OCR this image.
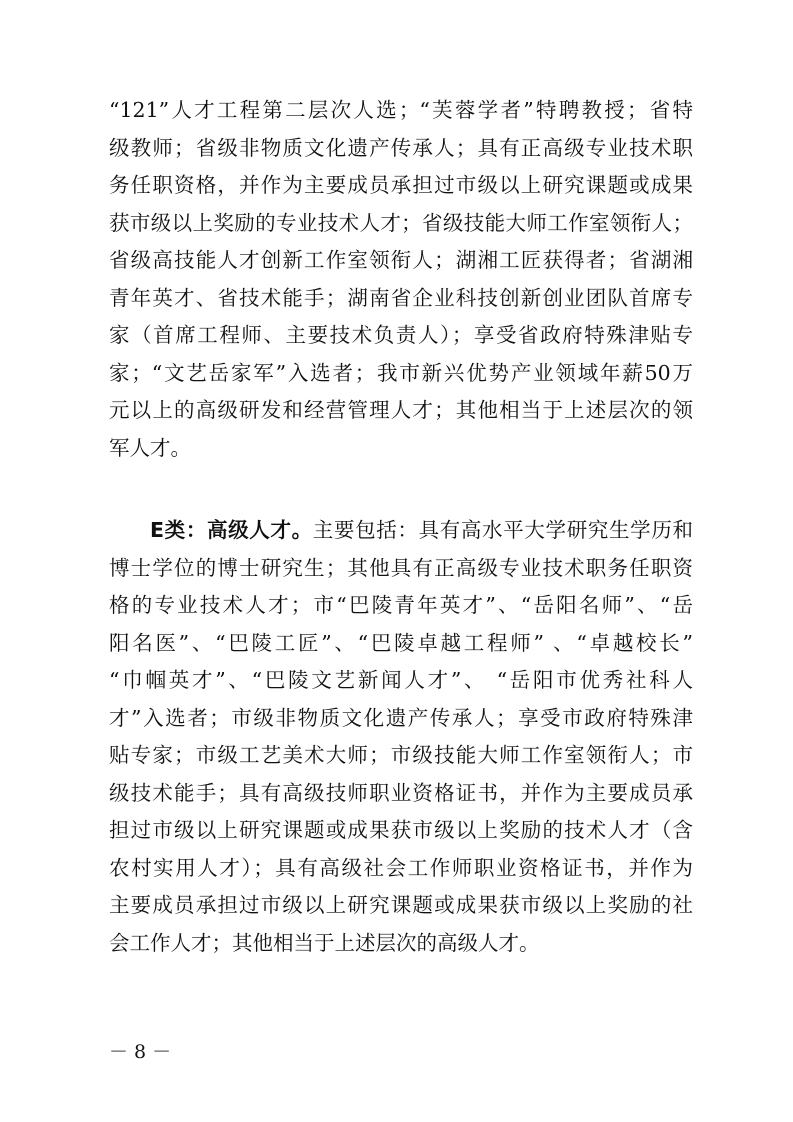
“121”人才工程第二层次人选；“芙蓉学者”特聘教授；省特
级教师；省级非物质文化遗产传承人；具有正高级专业技术职
务任职资格，并作为主要成员承担过市级以上研究课题或成果
获市级以上奖励的专业技术人才；省级技能大师工作室领衔人；
省级高技能人才创新工作室领衔人；湖湘工匠获得者；省湖湘
青年英才、省技术能手；湖南省企业科技创新创业团队首席专
家（首席工程师、主要技术负责人）；享受省政府特殊津贴专
家；“文艺岳家军”入选者；我市新兴优势产业领域年薪50万
元以上的高级研发和经营管理人才；其他相当于上述层次的领
军人才。
E类：高级人才。主要包括：具有高水平大学研究生学历和
博士学位的博士研究生；其他具有正高级专业技术职务任职资
格的专业技术人才；市“巴陵青年英才”、“岳阳名师”、“岳
阳名医”、“巴陵工匠”、“巴陵卓越工程师” 、“卓越校长”
“巾帼英才”、“巴陵文艺新闻人才”、 “岳阳市优秀社科人
才”入选者；市级非物质文化遗产传承人；享受市政府特殊津
贴专家；市级工艺美术大师；市级技能大师工作室领衔人；市
级技术能手；具有高级技师职业资格证书，并作为主要成员承
担过市级以上研究课题或成果获市级以上奖励的技术人才（含
农村实用人才）；具有高级社会工作师职业资格证书，并作为
主要成员承担过市级以上研究课题或成果获市级以上奖励的社
会工作人才；其他相当于上述层次的高级人才。
－ 8 －
